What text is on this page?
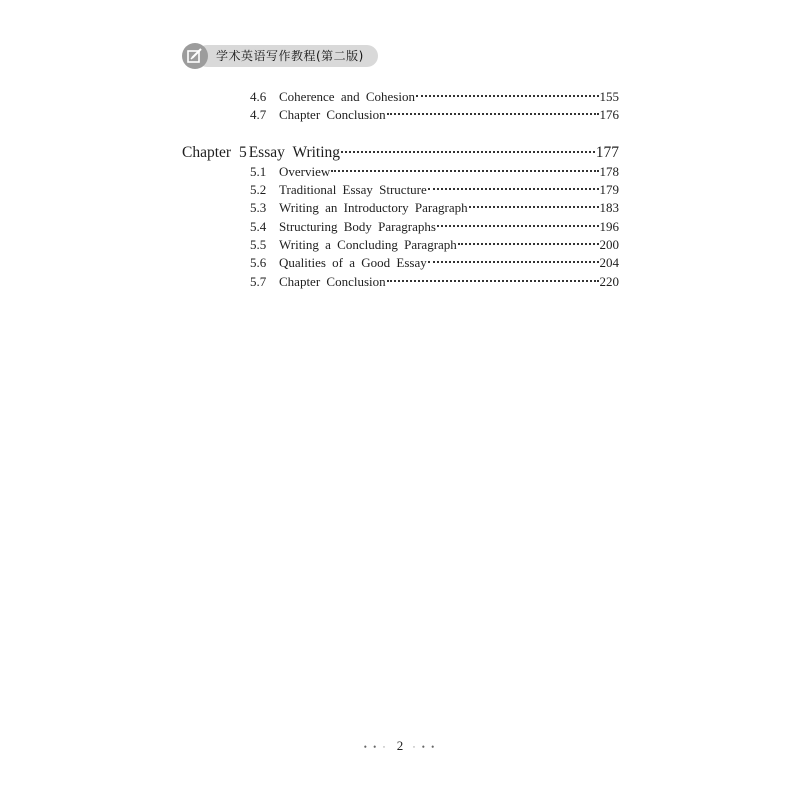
学术英语写作教程(第二版)
4.6 Coherence and Cohesion	155
4.7 Chapter Conclusion	176
Chapter 5 Essay Writing	177
5.1 Overview	178
5.2 Traditional Essay Structure	179
5.3 Writing an Introductory Paragraph	183
5.4 Structuring Body Paragraphs	196
5.5 Writing a Concluding Paragraph	200
5.6 Qualities of a Good Essay	204
5.7 Chapter Conclusion	220
• • · 2 · • •
